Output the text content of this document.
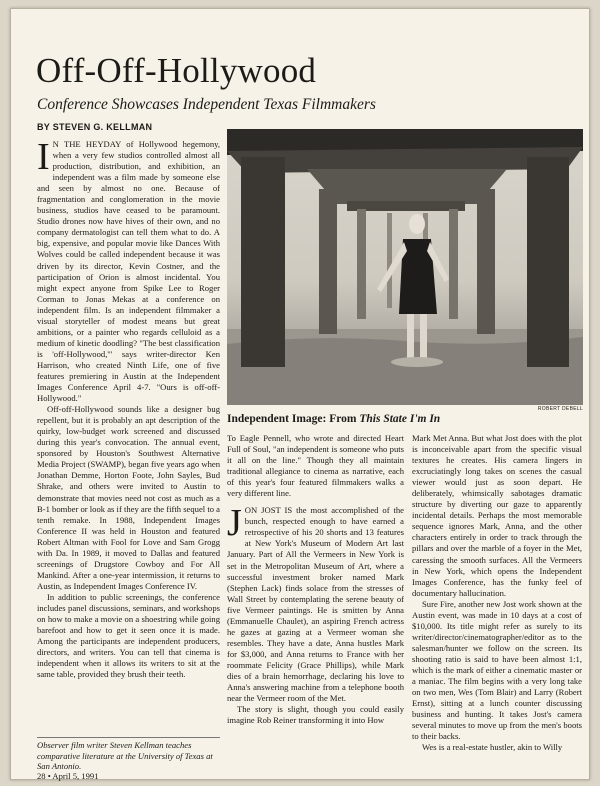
Off-Off-Hollywood
Conference Showcases Independent Texas Filmmakers

BY STEVEN G. KELLMAN

I N THE HEYDAY of Hollywood hegemony, when a very few studios controlled almost all production, distribution, and exhibition, an independent was a film made by someone else and seen by almost no one. Because of fragmentation and conglomeration in the movie business, studios have ceased to be paramount. Studio drones now have hives of their own, and no company dermatologist can tell them what to do. A big, expensive, and popular movie like Dances With Wolves could be called independent because it was driven by its director, Kevin Costner, and the participation of Orion is almost incidental. You might expect anyone from Spike Lee to Roger Corman to Jonas Mekas at a conference on independent film. Is an independent filmmaker a visual storyteller of modest means but great ambitions, or a painter who regards celluloid as a medium of kinetic doodling? "The best classification is 'off-Hollywood,'" says writer-director Ken Harrison, who created Ninth Life, one of five features premiering in Austin at the Independent Images Conference April 4-7. "Ours is off-off-Hollywood."

Off-off-Hollywood sounds like a designer bug repellent, but it is probably an apt description of the quirky, low-budget work screened and discussed during this year's convocation. The annual event, sponsored by Houston's Southwest Alternative Media Project (SWAMP), began five years ago when Jonathan Demme, Horton Foote, John Sayles, Bud Shrake, and others were invited to Austin to demonstrate that movies need not cost as much as a B-1 bomber or look as if they are the fifth sequel to a tenth remake. In 1988, Independent Images Conference II was held in Houston and featured Robert Altman with Fool for Love and Sam Grogg with Da. In 1989, it moved to Dallas and featured screenings of Drugstore Cowboy and For All Mankind. After a one-year intermission, it returns to Austin, as Independent Images Conference IV.

In addition to public screenings, the conference includes panel discussions, seminars, and workshops on how to make a movie on a shoestring while going barefoot and how to get it seen once it is made. Among the participants are independent producers, directors, and writers. You can tell that cinema is independent when it allows its writers to sit at the same table, provided they brush their teeth.

Observer film writer Steven Kellman teaches comparative literature at the University of Texas at San Antonio.

28 • April 5, 1991

ROBERT DEBELL

Independent Image: From This State I'm In

To Eagle Pennell, who wrote and directed Heart Full of Soul, "an independent is someone who puts it all on the line." Though they all maintain traditional allegiance to cinema as narrative, each of this year's four featured filmmakers walks a very different line.

JON JOST IS the most accomplished of the bunch, respected enough to have earned a retrospective of his 20 shorts and 13 features at New York's Museum of Modern Art last January. Part of All the Vermeers in New York is set in the Metropolitan Museum of Art, where a successful investment broker named Mark (Stephen Lack) finds solace from the stresses of Wall Street by contemplating the serene beauty of five Vermeer paintings. He is smitten by Anna (Emmanuelle Chaulet), an aspiring French actress he gazes at gazing at a Vermeer woman she resembles. They have a date, Anna hustles Mark for $3,000, and Anna returns to France with her roommate Felicity (Grace Phillips), while Mark dies of a brain hemorrhage, declaring his love to Anna's answering machine from a telephone booth near the Vermeer room of the Met.

The story is slight, though you could easily imagine Rob Reiner transforming it into How

Mark Met Anna. But what Jost does with the plot is inconceivable apart from the specific visual textures he creates. His camera lingers in excruciatingly long takes on scenes the casual viewer would just as soon depart. He deliberately, whimsically sabotages dramatic structure by diverting our gaze to apparently incidental details. Perhaps the most memorable sequence ignores Mark, Anna, and the other characters entirely in order to track through the pillars and over the marble of a foyer in the Met, caressing the smooth surfaces. All the Vermeers in New York, which opens the Independent Images Conference, has the funky feel of documentary hallucination.

Sure Fire, another new Jost work shown at the Austin event, was made in 10 days at a cost of $10,000. Its title might refer as surely to its writer/director/cinematographer/editor as to the salesman/hunter we follow on the screen. Its shooting ratio is said to have been almost 1:1, which is the mark of either a cinematic master or a maniac. The film begins with a very long take on two men, Wes (Tom Blair) and Larry (Robert Ernst), sitting at a lunch counter discussing business and hunting. It takes Jost's camera several minutes to move up from the men's boots to their backs.

Wes is a real-estate hustler, akin to Willy
